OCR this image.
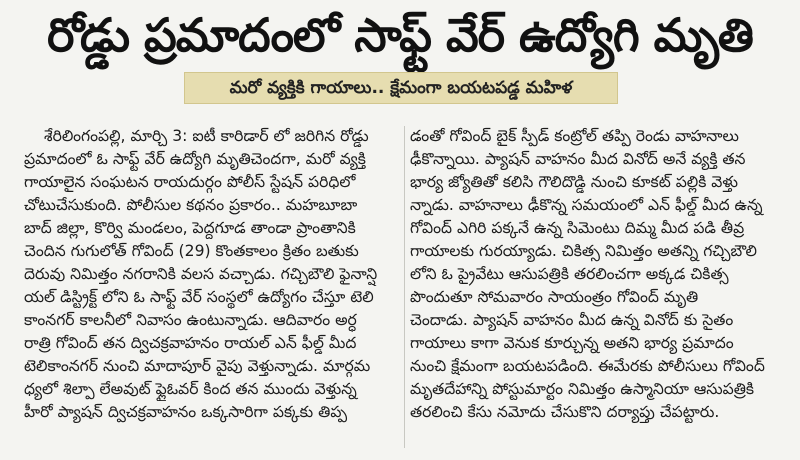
రోడ్డు ప్రమాదంలో సాఫ్ట్‌ వేర్‌ ఉద్యోగి మృతి
మరో వ్యక్తికి గాయాలు.. క్షేమంగా బయటపడ్డ మహిళ
శేరిలింగంపల్లి, మార్చి 3: ఐటీ కారిడార్‌ లో జరిగిన రోడ్డు
ప్రమాదంలో ఓ సాఫ్ట్‌ వేర్‌ ఉద్యోగి మృతిచెందగా, మరో వ్యక్తి
గాయాలైన సంఘటన రాయదుర్గం పోలీస్‌ స్టేషన్‌ పరిధిలో
చోటుచేసుకుంది. పోలీసుల కథనం ప్రకారం.. మహబూబా
బాద్‌ జిల్లా, కొర్వి మండలం, పెద్దగూడ తాండా ప్రాంతానికి
చెందిన గుగులోత్‌ గోవింద్‌ (29) కొంతకాలం క్రితం బతుకు
దెరువు నిమిత్తం నగరానికి వలస వచ్చాడు. గచ్చిబౌలి ఫైనాన్షి
యల్‌ డిస్ట్రిక్ట్‌ లోని ఓ సాఫ్ట్‌ వేర్‌ సంస్థలో ఉద్యోగం చేస్తూ టెలి
కాంనగర్‌ కాలనీలో నివాసం ఉంటున్నాడు. ఆదివారం అర్ధ
రాత్రి గోవింద్‌ తన ద్విచక్రవాహనం రాయల్‌ ఎన్‌ ఫీల్డ్‌ మీద
టెలికాంనగర్‌ నుంచి మాదాపూర్‌ వైపు వెళ్తున్నాడు. మార్గమ
ధ్యలో శిల్పా లేఅవుట్‌ ఫ్లైఓవర్‌ కింద తన ముందు వెళ్తున్న
హీరో ప్యాషన్‌ ద్విచక్రవాహనం ఒక్కసారిగా పక్కకు తిప్ప
డంతో గోవింద్‌ బైక్‌ స్పీడ్‌ కంట్రోల్‌ తప్పి రెండు వాహనాలు
ఢీకొన్నాయి. ప్యాషన్‌ వాహనం మీద వినోద్‌ అనే వ్యక్తి తన
భార్య జ్యోతితో కలిసి గౌలిదొడ్డి నుంచి కూకట్‌ పల్లికి వెళ్తు
న్నాడు. వాహనాలు ఢీకొన్న సమయంలో ఎన్‌ ఫీల్డ్‌ మీద ఉన్న
గోవింద్‌ ఎగిరి పక్కనే ఉన్న సిమెంటు దిమ్మ మీద పడి తీవ్ర
గాయాలకు గురయ్యాడు. చికిత్స నిమిత్తం అతన్ని గచ్చిబౌలి
లోని ఓ ప్రైవేటు ఆసుపత్రికి తరలించగా అక్కడ చికిత్స
పొందుతూ సోమవారం సాయంత్రం గోవింద్‌ మృతి
చెందాడు. ప్యాషన్‌ వాహనం మీద ఉన్న వినోద్‌ కు సైతం
గాయాలు కాగా వెనుక కూర్చున్న అతని భార్య ప్రమాదం
నుంచి క్షేమంగా బయటపడింది. ఈమేరకు పోలీసులు గోవింద్‌
మృతదేహాన్ని పోస్టుమార్టం నిమిత్తం ఉస్మానియా ఆసుపత్రికి
తరలించి కేసు నమోదు చేసుకొని దర్యాప్తు చేపట్టారు.
